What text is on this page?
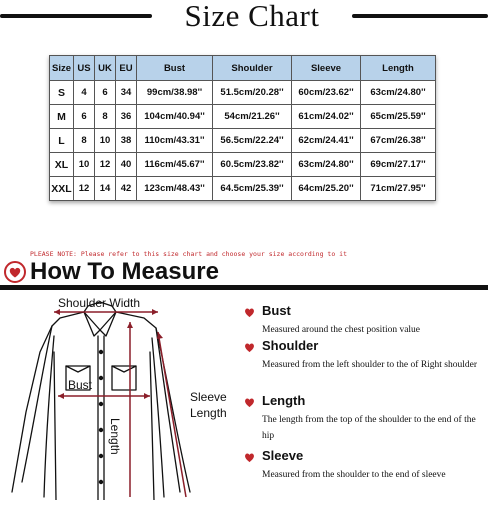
Size Chart
Size	US	UK	EU	Bust	Shoulder	Sleeve	Length
S	4	6	34	99cm/38.98''	51.5cm/20.28''	60cm/23.62''	63cm/24.80''
M	6	8	36	104cm/40.94''	54cm/21.26''	61cm/24.02''	65cm/25.59''
L	8	10	38	110cm/43.31''	56.5cm/22.24''	62cm/24.41''	67cm/26.38''
XL	10	12	40	116cm/45.67''	60.5cm/23.82''	63cm/24.80''	69cm/27.17''
XXL	12	14	42	123cm/48.43''	64.5cm/25.39''	64cm/25.20''	71cm/27.95''
PLEASE NOTE: Please refer to this size chart and choose your size according to it
How To Measure
Shoulder Width
Bust
Sleeve
Length
Length
Bust
Measured around the chest position value
Shoulder
Measured from the left shoulder to the of Right shoulder
Length
The length from the top of the shoulder to the end of the hip
Sleeve
Measured from the shoulder to the end of sleeve
